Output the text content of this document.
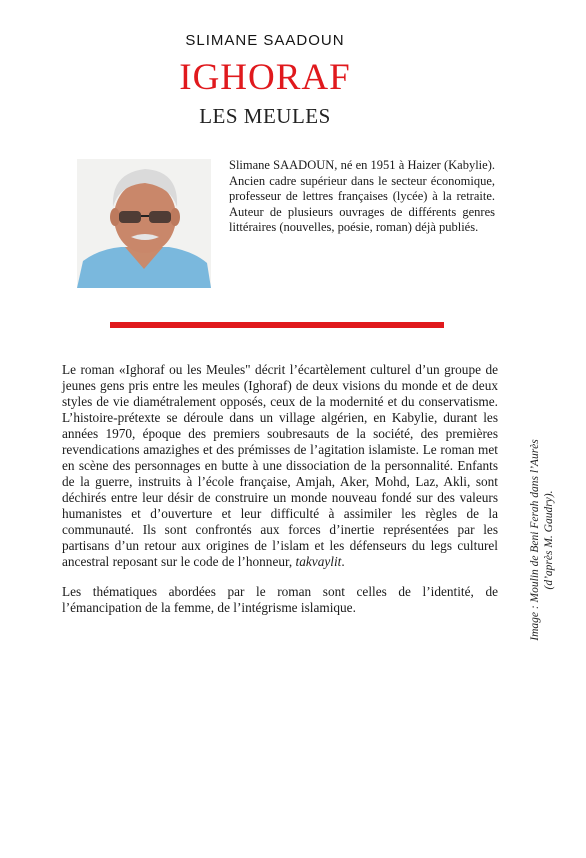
SLIMANE SAADOUN
IGHORAF
LES MEULES
Slimane SAADOUN, né en 1951 à Haizer (Kabylie). Ancien cadre supérieur dans le secteur économique, professeur de lettres françaises (lycée) à la retraite. Auteur de plusieurs ouvrages de différents genres littéraires (nouvelles, poésie, roman) déjà publiés.

Le roman «Ighoraf ou les Meules" décrit l’écartèlement culturel d’un groupe de jeunes gens pris entre les meules (Ighoraf) de deux visions du monde et de deux styles de vie diamétralement opposés, ceux de la modernité et du conservatisme. L’histoire-prétexte se déroule dans un village algérien, en Kabylie, durant les années 1970, époque des premiers soubresauts de la société, des premières revendications amazighes et des prémisses de l’agitation islamiste. Le roman met en scène des personnages en butte à une dissociation de la personnalité. Enfants de la guerre, instruits à l’école française, Amjah, Aker, Mohd, Laz, Akli, sont déchirés entre leur désir de construire un monde nouveau fondé sur des valeurs humanistes et d’ouverture et leur difficulté à assimiler les règles de la communauté. Ils sont confrontés aux forces d’inertie représentées par les partisans d’un retour aux origines de l’islam et les défenseurs du legs culturel ancestral reposant sur le code de l’honneur, takvaylit.

Les thématiques abordées par le roman sont celles de l’identité, de l’émancipation de la femme, de l’intégrisme islamique.	Image : Moulin de Beni Ferah dans l’Aurès (d’après M. Gaudry).
